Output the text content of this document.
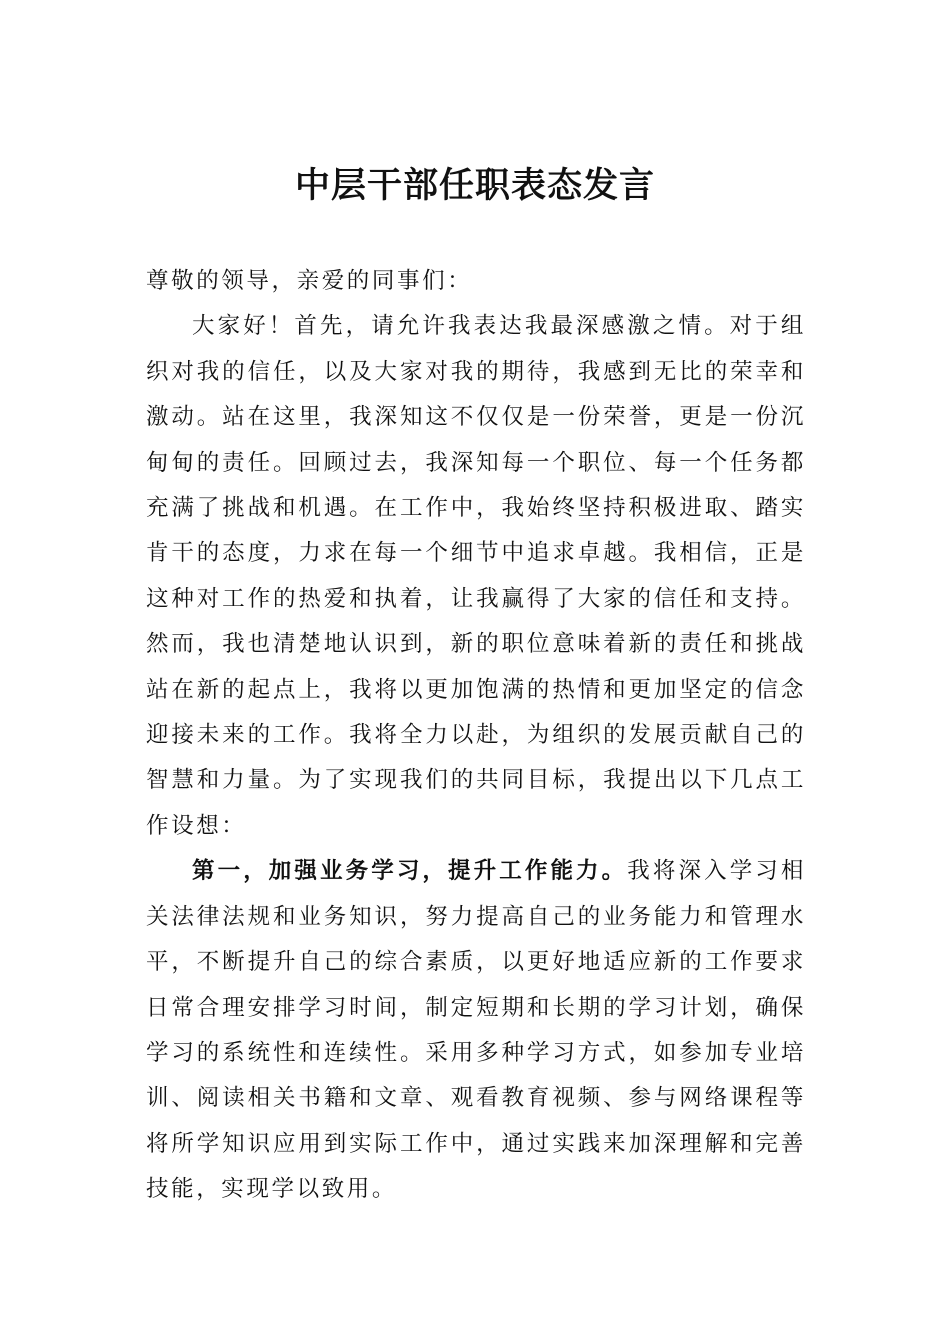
中层干部任职表态发言

尊敬的领导，亲爱的同事们：

大家好！首先，请允许我表达我最深感激之情。对于组织对我的信任，以及大家对我的期待，我感到无比的荣幸和激动。站在这里，我深知这不仅仅是一份荣誉，更是一份沉甸甸的责任。回顾过去，我深知每一个职位、每一个任务都充满了挑战和机遇。在工作中，我始终坚持积极进取、踏实肯干的态度，力求在每一个细节中追求卓越。我相信，正是这种对工作的热爱和执着，让我赢得了大家的信任和支持。然而，我也清楚地认识到，新的职位意味着新的责任和挑战站在新的起点上，我将以更加饱满的热情和更加坚定的信念迎接未来的工作。我将全力以赴，为组织的发展贡献自己的智慧和力量。为了实现我们的共同目标，我提出以下几点工作设想：

第一，加强业务学习，提升工作能力。我将深入学习相关法律法规和业务知识，努力提高自己的业务能力和管理水平，不断提升自己的综合素质，以更好地适应新的工作要求日常合理安排学习时间，制定短期和长期的学习计划，确保学习的系统性和连续性。采用多种学习方式，如参加专业培训、阅读相关书籍和文章、观看教育视频、参与网络课程等将所学知识应用到实际工作中，通过实践来加深理解和完善技能，实现学以致用。
